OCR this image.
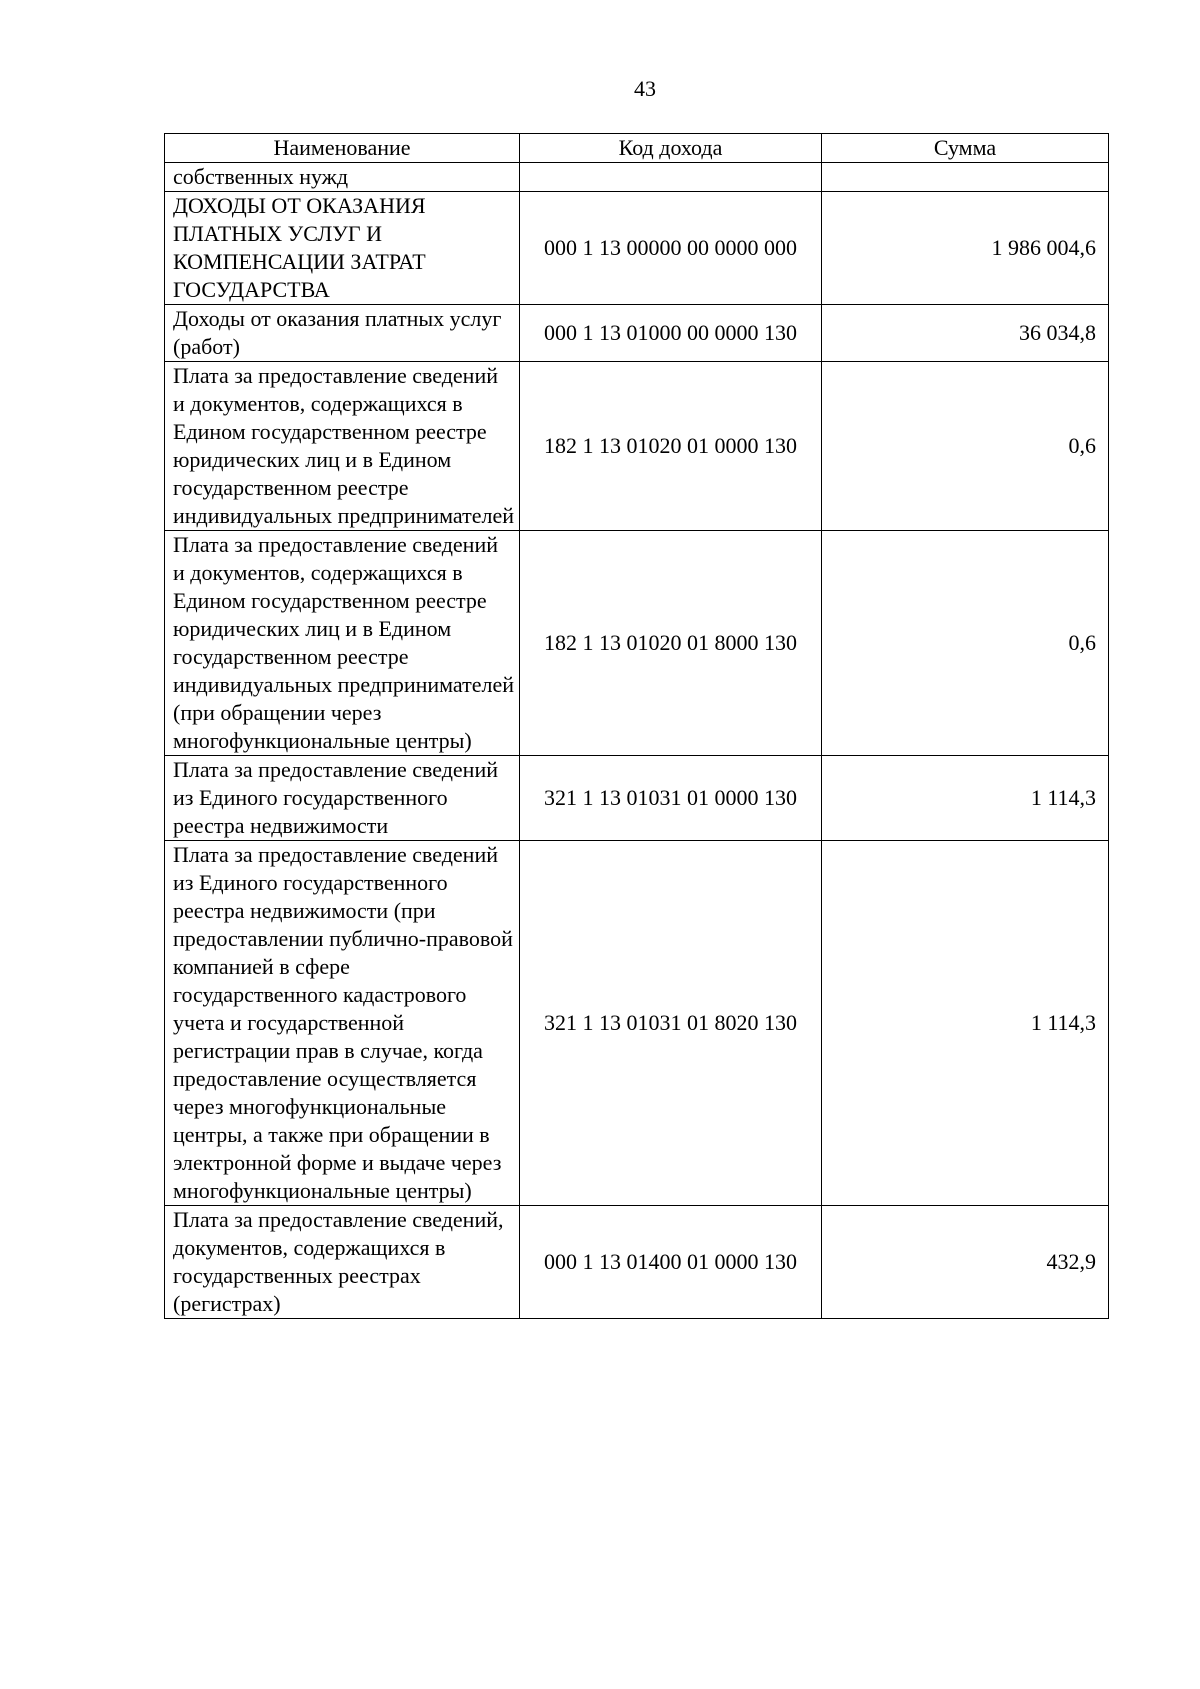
43
Наименование	Код дохода	Сумма
собственных нужд		
ДОХОДЫ ОТ ОКАЗАНИЯ ПЛАТНЫХ УСЛУГ И КОМПЕНСАЦИИ ЗАТРАТ ГОСУДАРСТВА	000 1 13 00000 00 0000 000	1 986 004,6
Доходы от оказания платных услуг (работ)	000 1 13 01000 00 0000 130	36 034,8
Плата за предоставление сведений и документов, содержащихся в Едином государственном реестре юридических лиц и в Едином государственном реестре индивидуальных предпринимателей	182 1 13 01020 01 0000 130	0,6
Плата за предоставление сведений и документов, содержащихся в Едином государственном реестре юридических лиц и в Едином государственном реестре индивидуальных предпринимателей (при обращении через многофункциональные центры)	182 1 13 01020 01 8000 130	0,6
Плата за предоставление сведений из Единого государственного реестра недвижимости	321 1 13 01031 01 0000 130	1 114,3
Плата за предоставление сведений из Единого государственного реестра недвижимости (при предоставлении публично-правовой компанией в сфере государственного кадастрового учета и государственной регистрации прав в случае, когда предоставление осуществляется через многофункциональные центры, а также при обращении в электронной форме и выдаче через многофункциональные центры)	321 1 13 01031 01 8020 130	1 114,3
Плата за предоставление сведений, документов, содержащихся в государственных реестрах (регистрах)	000 1 13 01400 01 0000 130	432,9
